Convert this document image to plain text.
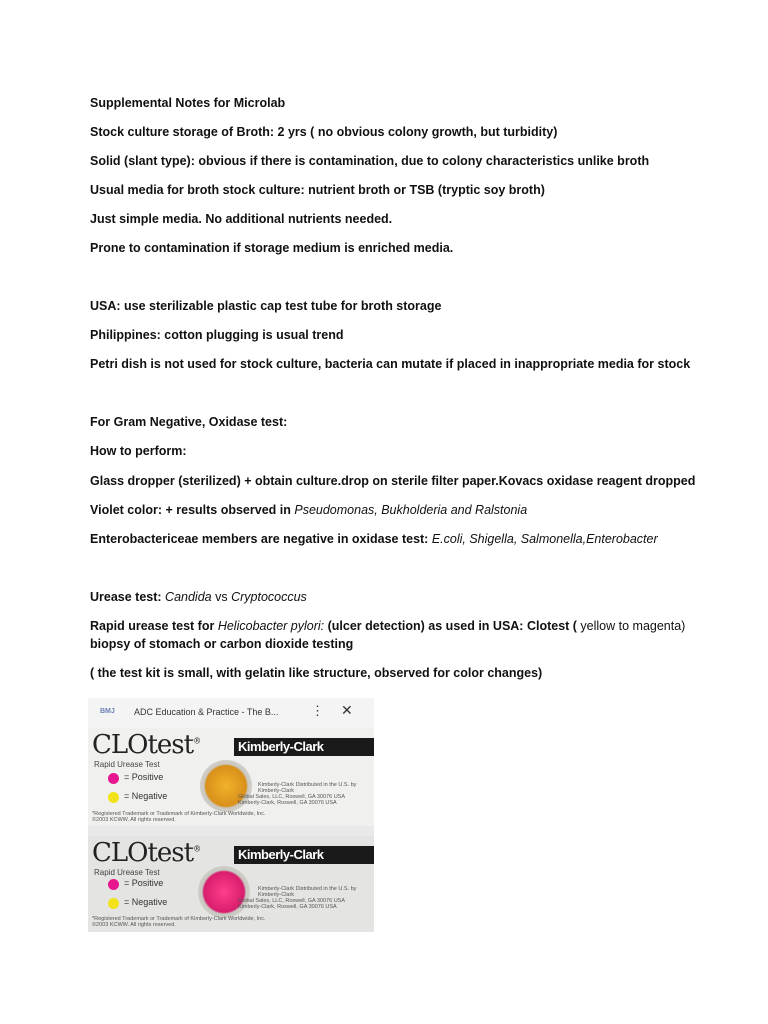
Supplemental Notes for Microlab
Stock culture storage of Broth: 2 yrs ( no obvious colony growth, but turbidity)
Solid (slant type): obvious if there is contamination, due to colony characteristics unlike broth
Usual media for broth stock culture: nutrient broth or TSB (tryptic soy broth)
Just simple media. No additional nutrients needed.
Prone to contamination if storage medium is enriched media.
USA: use sterilizable plastic cap test tube for broth storage
Philippines: cotton plugging is usual trend
Petri dish is not used for stock culture, bacteria can mutate if placed in inappropriate media for stock
For Gram Negative, Oxidase test:
How to perform:
Glass dropper (sterilized) + obtain culture.drop on sterile filter paper.Kovacs oxidase reagent dropped
Violet color: + results observed in Pseudomonas, Bukholderia and Ralstonia
Enterobactericeae members are negative in oxidase test: E.coli, Shigella, Salmonella,Enterobacter
Urease test: Candida vs Cryptococcus
Rapid urease test for Helicobacter pylori: (ulcer detection) as used in USA: Clotest ( yellow to magenta)
biopsy of stomach or carbon dioxide testing
( the test kit is small, with gelatin like structure, observed for color changes)
BMJ ADC Education & Practice - The B...	⋮ ✕
CLOtest®
Rapid Urease Test
= Positive
= Negative
Kimberly-Clark
Kimberly-Clark Distributed in the U.S. by Kimberly-Clark
Global Sales, LLC, Roswell, GA 30076 USA
Kimberly-Clark, Roswell, GA 30076 USA
*Registered Trademark or Trademark of Kimberly-Clark Worldwide, Inc.
©2003 KCWW. All rights reserved.
CLOtest®
Rapid Urease Test
= Positive
= Negative
Kimberly-Clark
Kimberly-Clark Distributed in the U.S. by Kimberly-Clark
Global Sales, LLC, Roswell, GA 30076 USA
Kimberly-Clark, Roswell, GA 30076 USA
*Registered Trademark or Trademark of Kimberly-Clark Worldwide, Inc.
©2003 KCWW. All rights reserved.
